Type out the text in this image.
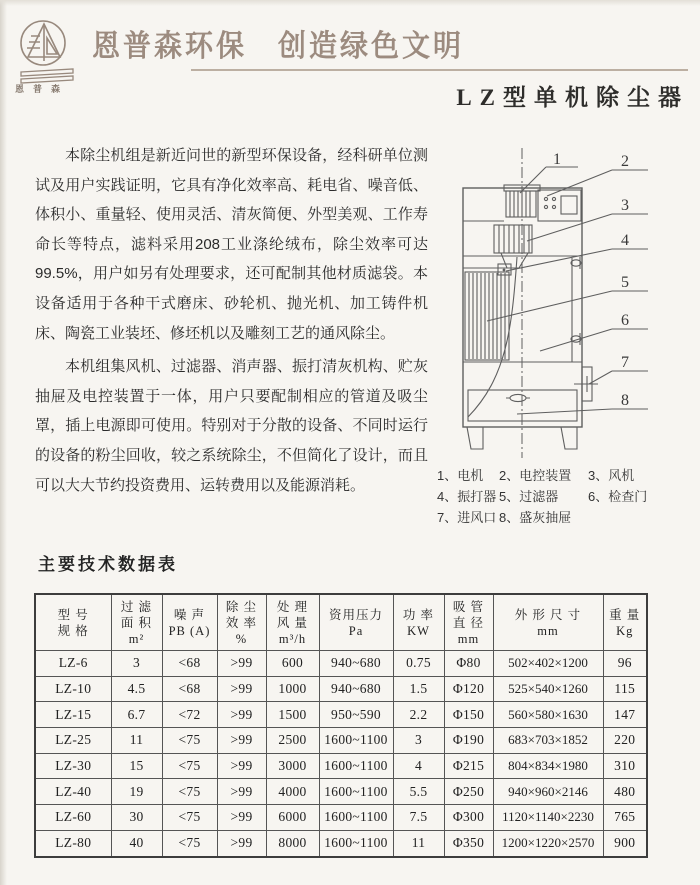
恩普森
恩普森环保　创造绿色文明
LZ型单机除尘器

本除尘机组是新近问世的新型环保设备，经科研单位测试及用户实践证明，它具有净化效率高、耗电省、噪音低、体积小、重量轻、使用灵活、清灰简便、外型美观、工作寿命长等特点，滤料采用208工业涤纶绒布，除尘效率可达99.5%，用户如另有处理要求，还可配制其他材质滤袋。本设备适用于各种干式磨床、砂轮机、抛光机、加工铸件机床、陶瓷工业装坯、修坯机以及雕刻工艺的通风除尘。

本机组集风机、过滤器、消声器、振打清灰机构、贮灰抽屉及电控装置于一体，用户只要配制相应的管道及吸尘罩，插上电源即可使用。特别对于分散的设备、不同时运行的设备的粉尘回收，较之系统除尘，不但简化了设计，而且可以大大节约投资费用、运转费用以及能源消耗。

1	2
3
4
5
6
7
8
1、电机	2、电控装置	3、风机
4、振打器 5、过滤器	6、检查门
7、进风口 8、盛灰抽屉
主要技术数据表
型 号
规 格

过 滤
面 积
m²

噪 声
PB (A)

除 尘
效 率
%

处 理
风 量
m³/h

资用压力
Pa

功 率
KW

吸 管
直 径
mm

外 形 尺 寸
mm

重 量
Kg

LZ-6	3	<68	>99	600	940~680	0.75	Φ80	502×402×1200	96
LZ-10	4.5	<68	>99	1000	940~680	1.5	Φ120	525×540×1260	115
LZ-15	6.7	<72	>99	1500	950~590	2.2	Φ150	560×580×1630	147
LZ-25	11	<75	>99	2500	1600~1100	3	Φ190	683×703×1852	220
LZ-30	15	<75	>99	3000	1600~1100	4	Φ215	804×834×1980	310
LZ-40	19	<75	>99	4000	1600~1100	5.5	Φ250	940×960×2146	480
LZ-60	30	<75	>99	6000	1600~1100	7.5	Φ300	1120×1140×2230	765
LZ-80	40	<75	>99	8000	1600~1100	11	Φ350	1200×1220×2570	900
